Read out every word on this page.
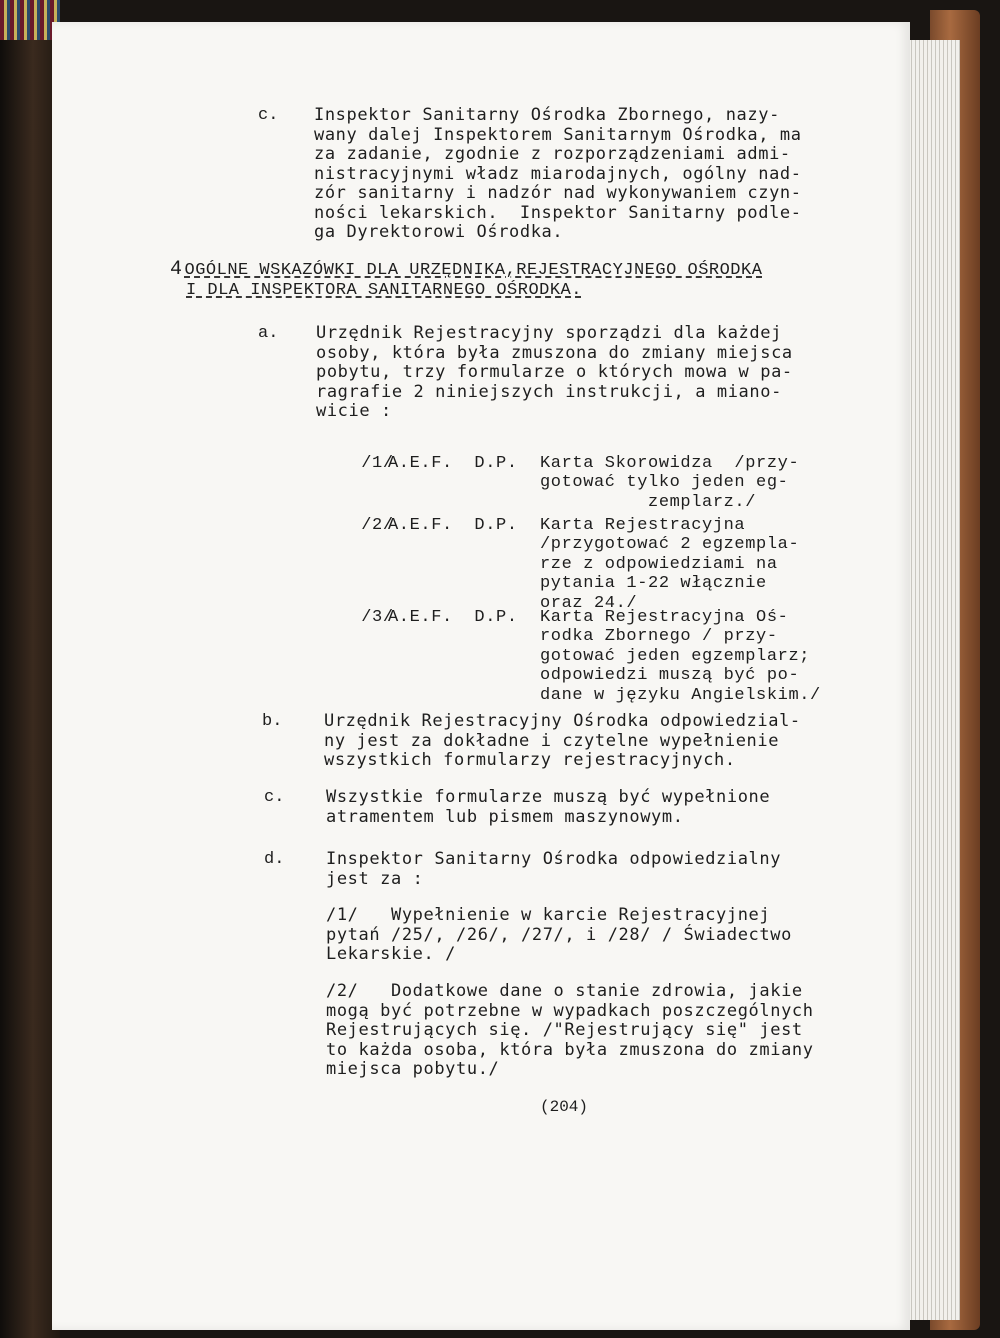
c. Inspektor Sanitarny Ośrodka Zbornego, nazy-
wany dalej Inspektorem Sanitarnym Ośrodka, ma
za zadanie, zgodnie z rozporządzeniami admi-
nistracyjnymi władz miarodajnych, ogólny nad-
zór sanitarny i nadzór nad wykonywaniem czyn-
ności lekarskich.  Inspektor Sanitarny podle-
ga Dyrektorowi Ośrodka.
4 OGÓLNE WSKAZÓWKI DLA URZĘDNIKA,REJESTRACYJNEGO OŚRODKA
I DLA INSPEKTORA SANITARNEGO OŚRODKA.
a. Urzędnik Rejestracyjny sporządzi dla każdej
osoby, która była zmuszona do zmiany miejsca
pobytu, trzy formularze o których mowa w pa-
ragrafie 2 niniejszych instrukcji, a miano-
wicie :

/1/
A.E.F.  D.P. Karta Skorowidza  /przy-
gotować tylko jeden eg-
zemplarz./

/2/
A.E.F.  D.P. Karta Rejestracyjna
/przygotować 2 egzempla-
rze z odpowiedziami na
pytania 1-22 włącznie
oraz 24./

/3/
A.E.F.  D.P. Karta Rejestracyjna Oś-
rodka Zbornego / przy-
gotować jeden egzemplarz;
odpowiedzi muszą być po-
dane w języku Angielskim./

b. Urzędnik Rejestracyjny Ośrodka odpowiedzial-
ny jest za dokładne i czytelne wypełnienie
wszystkich formularzy rejestracyjnych.
c. Wszystkie formularze muszą być wypełnione
atramentem lub pismem maszynowym.
d. Inspektor Sanitarny Ośrodka odpowiedzialny
jest za :
/1/   Wypełnienie w karcie Rejestracyjnej
pytań /25/, /26/, /27/, i /28/ / Świadectwo
Lekarskie. /
/2/   Dodatkowe dane o stanie zdrowia, jakie
mogą być potrzebne w wypadkach poszczególnych
Rejestrujących się. /"Rejestrujący się" jest
to każda osoba, która była zmuszona do zmiany
miejsca pobytu./
(204)
